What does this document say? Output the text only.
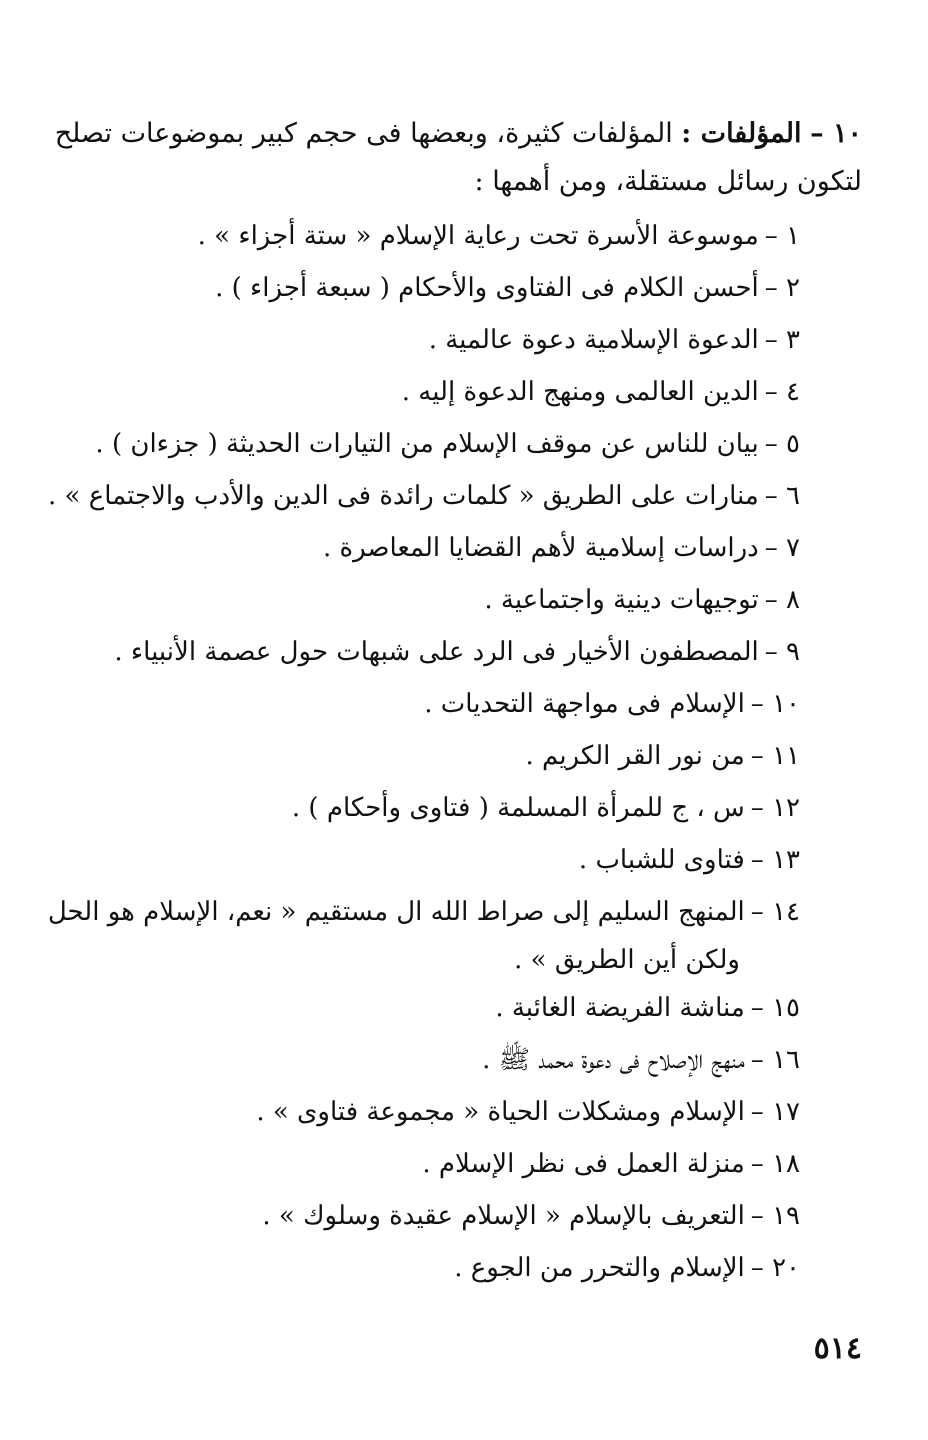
١٠ – المؤلفات : المؤلفات كثيرة، وبعضها فى حجم كبير بموضوعات تصلح
لتكون رسائل مستقلة، ومن أهمها :
١ –موسوعة الأسرة تحت رعاية الإسلام « ستة أجزاء » .
٢ –أحسن الكلام فى الفتاوى والأحكام ( سبعة أجزاء ) .
٣ –الدعوة الإسلامية دعوة عالمية .
٤ –الدين العالمى ومنهج الدعوة إليه .
٥ –بيان للناس عن موقف الإسلام من التيارات الحديثة ( جزءان ) .
٦ –منارات على الطريق « كلمات رائدة فى الدين والأدب والاجتماع » .
٧ –دراسات إسلامية لأهم القضايا المعاصرة .
٨ –توجيهات دينية واجتماعية .
٩ –المصطفون الأخيار فى الرد على شبهات حول عصمة الأنبياء .
١٠ –الإسلام فى مواجهة التحديات .
١١ –من نور القر الكريم .
١٢ –س ، ج للمرأة المسلمة ( فتاوى وأحكام ) .
١٣ –فتاوى للشباب .
١٤ –المنهج السليم إلى صراط الله ال مستقيم « نعم، الإسلام هو الحل
ولكن أين الطريق » .
١٥ –مناشة الفريضة الغائبة .
١٦ –منهج الإصلاح فى دعوة محمد ﷺ .
١٧ –الإسلام ومشكلات الحياة « مجموعة فتاوى » .
١٨ –منزلة العمل فى نظر الإسلام .
١٩ –التعريف بالإسلام « الإسلام عقيدة وسلوك » .
٢٠ –الإسلام والتحرر من الجوع .
٥١٤
